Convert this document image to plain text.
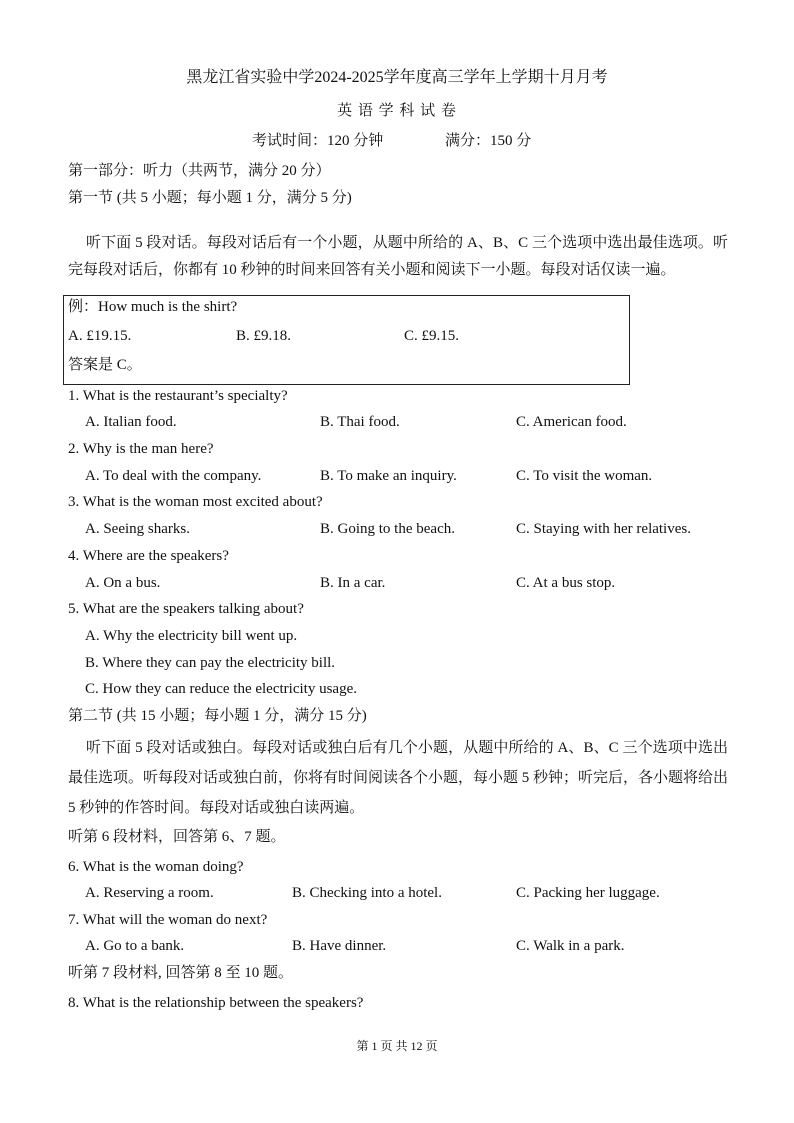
黑龙江省实验中学2024-2025学年度高三学年上学期十月月考
英 语 学 科 试 卷
考试时间：120 分钟	满分：150 分
第一部分：听力（共两节，满分 20 分）
第一节 (共 5 小题；每小题 1 分，满分 5 分)
听下面 5 段对话。每段对话后有一个小题，从题中所给的 A、B、C 三个选项中选出最佳选项。听完每段对话后，你都有 10 秒钟的时间来回答有关小题和阅读下一小题。每段对话仅读一遍。
例：How much is the shirt?
A. £19.15.	B. £9.18.	C. £9.15.
答案是 C。
1. What is the restaurant’s specialty?
A. Italian food.	B. Thai food.	C. American food.
2. Why is the man here?
A. To deal with the company.	B. To make an inquiry.	C. To visit the woman.
3. What is the woman most excited about?
A. Seeing sharks.	B. Going to the beach.	C. Staying with her relatives.
4. Where are the speakers?
A. On a bus.	B. In a car.	C. At a bus stop.
5. What are the speakers talking about?
A. Why the electricity bill went up.
B. Where they can pay the electricity bill.
C. How they can reduce the electricity usage.
第二节 (共 15 小题；每小题 1 分，满分 15 分)
听下面 5 段对话或独白。每段对话或独白后有几个小题，从题中所给的 A、B、C 三个选项中选出最佳选项。听每段对话或独白前，你将有时间阅读各个小题，每小题 5 秒钟；听完后，各小题将给出 5 秒钟的作答时间。每段对话或独白读两遍。
听第 6 段材料，回答第 6、7 题。
6. What is the woman doing?
A. Reserving a room.	B. Checking into a hotel.	C. Packing her luggage.
7. What will the woman do next?
A. Go to a bank.	B. Have dinner.	C. Walk in a park.
听第 7 段材料, 回答第 8 至 10 题。
8. What is the relationship between the speakers?
第 1 页 共 12 页
